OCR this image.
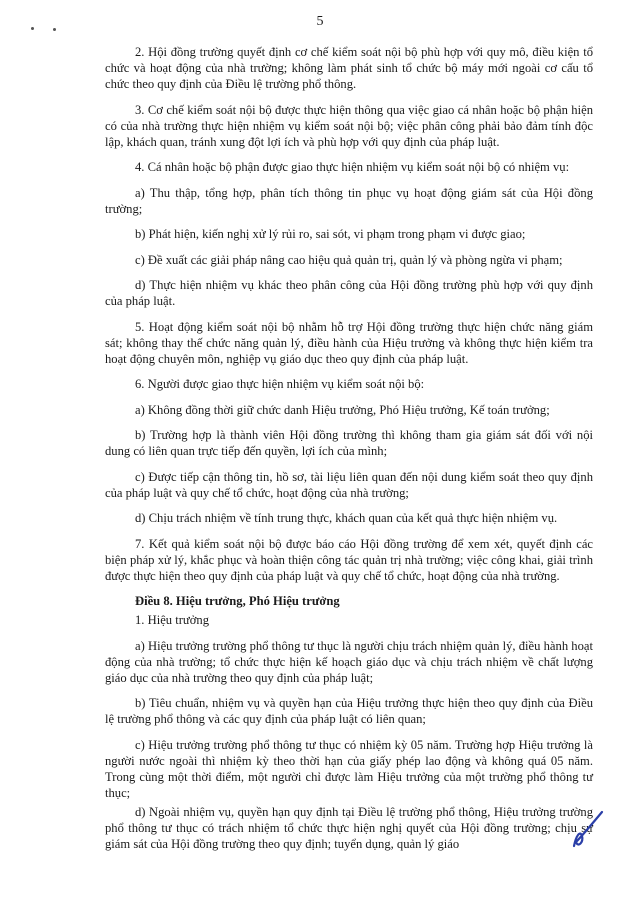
5

2. Hội đồng trường quyết định cơ chế kiểm soát nội bộ phù hợp với quy mô, điều kiện tổ chức và hoạt động của nhà trường; không làm phát sinh tổ chức bộ máy mới ngoài cơ cấu tổ chức theo quy định của Điều lệ trường phổ thông.

3. Cơ chế kiểm soát nội bộ được thực hiện thông qua việc giao cá nhân hoặc bộ phận hiện có của nhà trường thực hiện nhiệm vụ kiểm soát nội bộ; việc phân công phải bảo đảm tính độc lập, khách quan, tránh xung đột lợi ích và phù hợp với quy định của pháp luật.

4. Cá nhân hoặc bộ phận được giao thực hiện nhiệm vụ kiểm soát nội bộ có nhiệm vụ:

a) Thu thập, tổng hợp, phân tích thông tin phục vụ hoạt động giám sát của Hội đồng trường;

b) Phát hiện, kiến nghị xử lý rủi ro, sai sót, vi phạm trong phạm vi được giao;

c) Đề xuất các giải pháp nâng cao hiệu quả quản trị, quản lý và phòng ngừa vi phạm;

d) Thực hiện nhiệm vụ khác theo phân công của Hội đồng trường phù hợp với quy định của pháp luật.

5. Hoạt động kiểm soát nội bộ nhằm hỗ trợ Hội đồng trường thực hiện chức năng giám sát; không thay thế chức năng quản lý, điều hành của Hiệu trưởng và không thực hiện kiểm tra hoạt động chuyên môn, nghiệp vụ giáo dục theo quy định của pháp luật.

6. Người được giao thực hiện nhiệm vụ kiểm soát nội bộ:

a) Không đồng thời giữ chức danh Hiệu trưởng, Phó Hiệu trưởng, Kế toán trưởng;

b) Trường hợp là thành viên Hội đồng trường thì không tham gia giám sát đối với nội dung có liên quan trực tiếp đến quyền, lợi ích của mình;

c) Được tiếp cận thông tin, hồ sơ, tài liệu liên quan đến nội dung kiểm soát theo quy định của pháp luật và quy chế tổ chức, hoạt động của nhà trường;

d) Chịu trách nhiệm về tính trung thực, khách quan của kết quả thực hiện nhiệm vụ.

7. Kết quả kiểm soát nội bộ được báo cáo Hội đồng trường để xem xét, quyết định các biện pháp xử lý, khắc phục và hoàn thiện công tác quản trị nhà trường; việc công khai, giải trình được thực hiện theo quy định của pháp luật và quy chế tổ chức, hoạt động của nhà trường.

Điều 8. Hiệu trưởng, Phó Hiệu trưởng

1. Hiệu trưởng

a) Hiệu trưởng trường phổ thông tư thục là người chịu trách nhiệm quản lý, điều hành hoạt động của nhà trường; tổ chức thực hiện kế hoạch giáo dục và chịu trách nhiệm về chất lượng giáo dục của nhà trường theo quy định của pháp luật;

b) Tiêu chuẩn, nhiệm vụ và quyền hạn của Hiệu trưởng thực hiện theo quy định của Điều lệ trường phổ thông và các quy định của pháp luật có liên quan;

c) Hiệu trưởng trường phổ thông tư thục có nhiệm kỳ 05 năm. Trường hợp Hiệu trưởng là người nước ngoài thì nhiệm kỳ theo thời hạn của giấy phép lao động và không quá 05 năm. Trong cùng một thời điểm, một người chỉ được làm Hiệu trưởng của một trường phổ thông tư thục;

d) Ngoài nhiệm vụ, quyền hạn quy định tại Điều lệ trường phổ thông, Hiệu trưởng trường phổ thông tư thục có trách nhiệm tổ chức thực hiện nghị quyết của Hội đồng trường; chịu sự giám sát của Hội đồng trường theo quy định; tuyển dụng, quản lý giáo
